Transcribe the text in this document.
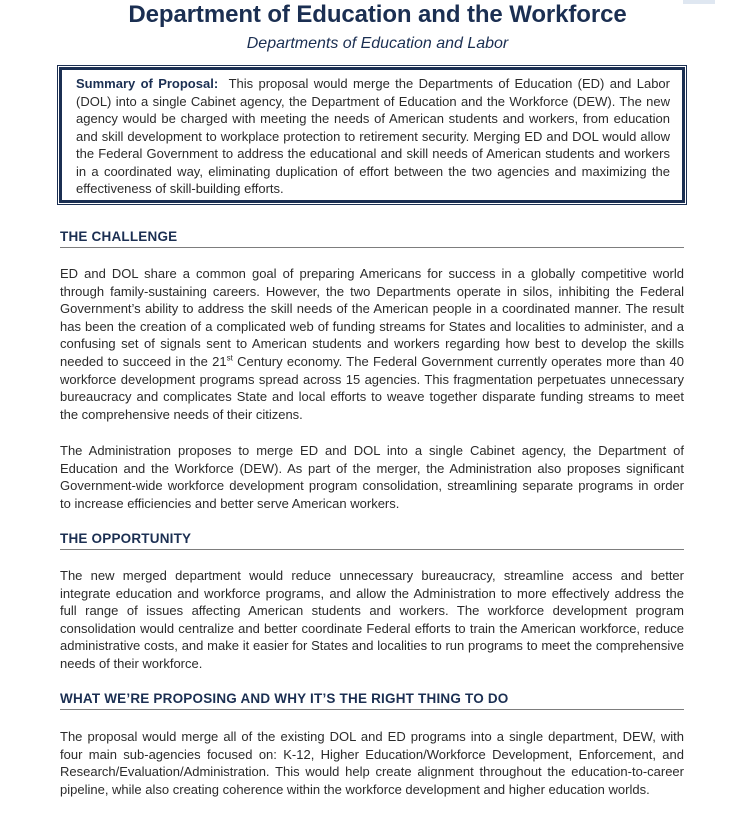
Department of Education and the Workforce
Departments of Education and Labor
Summary of Proposal: This proposal would merge the Departments of Education (ED) and Labor (DOL) into a single Cabinet agency, the Department of Education and the Workforce (DEW). The new agency would be charged with meeting the needs of American students and workers, from education and skill development to workplace protection to retirement security. Merging ED and DOL would allow the Federal Government to address the educational and skill needs of American students and workers in a coordinated way, eliminating duplication of effort between the two agencies and maximizing the effectiveness of skill-building efforts.
THE CHALLENGE

ED and DOL share a common goal of preparing Americans for success in a globally competitive world through family-sustaining careers. However, the two Departments operate in silos, inhibiting the Federal Government’s ability to address the skill needs of the American people in a coordinated manner. The result has been the creation of a complicated web of funding streams for States and localities to administer, and a confusing set of signals sent to American students and workers regarding how best to develop the skills needed to succeed in the 21st Century economy. The Federal Government currently operates more than 40 workforce development programs spread across 15 agencies. This fragmentation perpetuates unnecessary bureaucracy and complicates State and local efforts to weave together disparate funding streams to meet the comprehensive needs of their citizens.

The Administration proposes to merge ED and DOL into a single Cabinet agency, the Department of Education and the Workforce (DEW). As part of the merger, the Administration also proposes significant Government-wide workforce development program consolidation, streamlining separate programs in order to increase efficiencies and better serve American workers.

THE OPPORTUNITY

The new merged department would reduce unnecessary bureaucracy, streamline access and better integrate education and workforce programs, and allow the Administration to more effectively address the full range of issues affecting American students and workers. The workforce development program consolidation would centralize and better coordinate Federal efforts to train the American workforce, reduce administrative costs, and make it easier for States and localities to run programs to meet the comprehensive needs of their workforce.

WHAT WE’RE PROPOSING AND WHY IT’S THE RIGHT THING TO DO

The proposal would merge all of the existing DOL and ED programs into a single department, DEW, with four main sub-agencies focused on: K-12, Higher Education/Workforce Development, Enforcement, and Research/Evaluation/Administration. This would help create alignment throughout the education-to-career pipeline, while also creating coherence within the workforce development and higher education worlds.
